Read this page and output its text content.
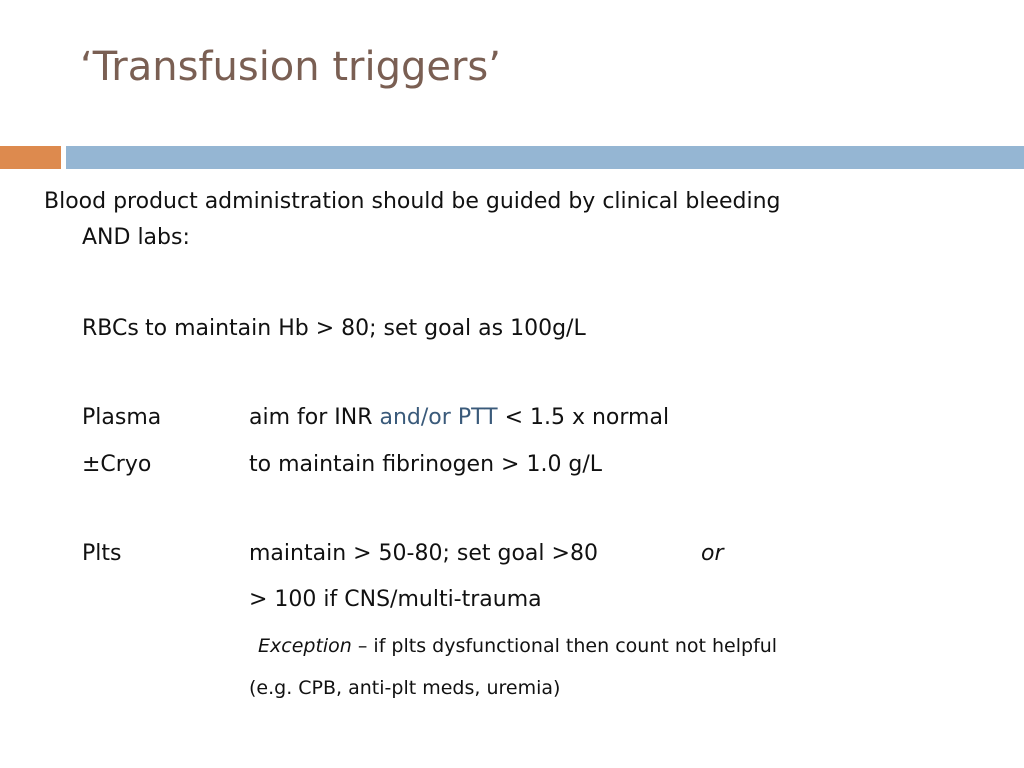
‘Transfusion triggers’
Blood product administration should be guided by clinical bleeding
AND labs:
RBCs to maintain Hb > 80; set goal as 100g/L
Plasma	aim for INR and/or PTT < 1.5 x normal
±Cryo	to maintain fibrinogen > 1.0 g/L
Plts	maintain > 50-80; set goal >80	or
> 100 if CNS/multi-trauma
Exception – if plts dysfunctional then count not helpful
(e.g. CPB, anti-plt meds, uremia)
